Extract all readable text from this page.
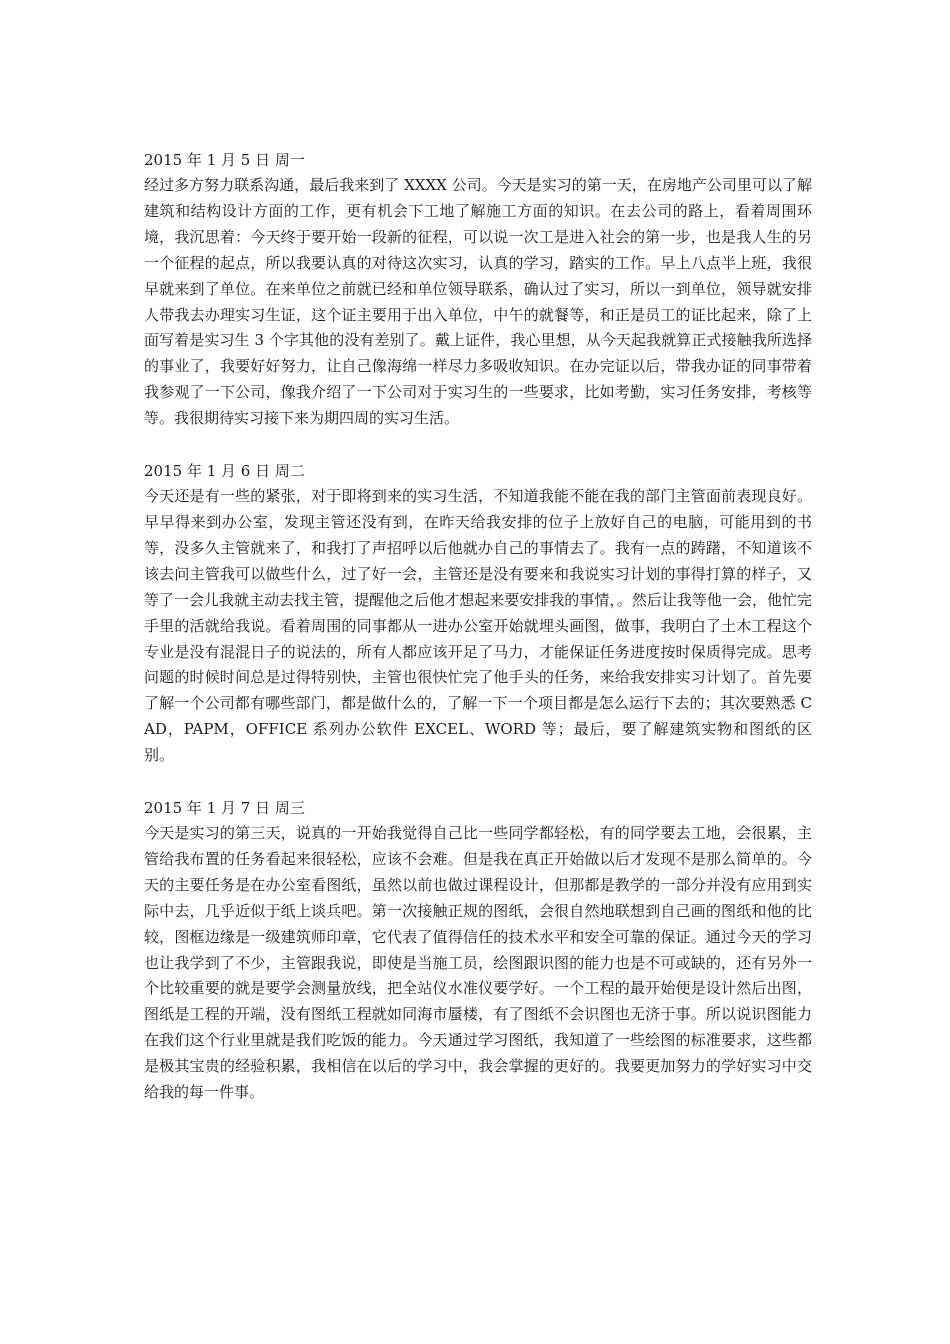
2015 年 1 月 5 日 周一

经过多方努力联系沟通，最后我来到了 XXXX 公司。今天是实习的第一天，在房地产公司里可以了解建筑和结构设计方面的工作，更有机会下工地了解施工方面的知识。在去公司的路上，看着周围环境，我沉思着：今天终于要开始一段新的征程，可以说一次工是进入社会的第一步，也是我人生的另一个征程的起点，所以我要认真的对待这次实习，认真的学习，踏实的工作。早上八点半上班，我很早就来到了单位。在来单位之前就已经和单位领导联系，确认过了实习，所以一到单位，领导就安排人带我去办理实习生证，这个证主要用于出入单位，中午的就餐等，和正是员工的证比起来，除了上面写着是实习生 3 个字其他的没有差别了。戴上证件，我心里想，从今天起我就算正式接触我所选择的事业了，我要好好努力，让自己像海绵一样尽力多吸收知识。在办完证以后，带我办证的同事带着我参观了一下公司，像我介绍了一下公司对于实习生的一些要求，比如考勤，实习任务安排，考核等等。我很期待实习接下来为期四周的实习生活。

2015 年 1 月 6 日 周二

今天还是有一些的紧张，对于即将到来的实习生活，不知道我能不能在我的部门主管面前表现良好。早早得来到办公室，发现主管还没有到，在昨天给我安排的位子上放好自己的电脑，可能用到的书等，没多久主管就来了，和我打了声招呼以后他就办自己的事情去了。我有一点的踌躇，不知道该不该去问主管我可以做些什么，过了好一会，主管还是没有要来和我说实习计划的事得打算的样子，又等了一会儿我就主动去找主管，提醒他之后他才想起来要安排我的事情，。然后让我等他一会，他忙完手里的活就给我说。看着周围的同事都从一进办公室开始就埋头画图，做事，我明白了土木工程这个专业是没有混混日子的说法的，所有人都应该开足了马力，才能保证任务进度按时保质得完成。思考问题的时候时间总是过得特别快，主管也很快忙完了他手头的任务，来给我安排实习计划了。首先要了解一个公司都有哪些部门，都是做什么的，了解一下一个项目都是怎么运行下去的；其次要熟悉 CAD，PAPM，OFFICE 系列办公软件 EXCEL、WORD 等；最后，要了解建筑实物和图纸的区别。

2015 年 1 月 7 日 周三

今天是实习的第三天，说真的一开始我觉得自己比一些同学都轻松，有的同学要去工地，会很累，主管给我布置的任务看起来很轻松，应该不会难。但是我在真正开始做以后才发现不是那么简单的。今天的主要任务是在办公室看图纸，虽然以前也做过课程设计，但那都是教学的一部分并没有应用到实际中去，几乎近似于纸上谈兵吧。第一次接触正规的图纸，会很自然地联想到自己画的图纸和他的比较，图框边缘是一级建筑师印章，它代表了值得信任的技术水平和安全可靠的保证。通过今天的学习也让我学到了不少，主管跟我说，即使是当施工员，绘图跟识图的能力也是不可或缺的，还有另外一个比较重要的就是要学会测量放线，把全站仪水准仪要学好。一个工程的最开始便是设计然后出图，图纸是工程的开端，没有图纸工程就如同海市蜃楼，有了图纸不会识图也无济于事。所以说识图能力在我们这个行业里就是我们吃饭的能力。今天通过学习图纸，我知道了一些绘图的标准要求，这些都是极其宝贵的经验积累，我相信在以后的学习中，我会掌握的更好的。我要更加努力的学好实习中交给我的每一件事。
